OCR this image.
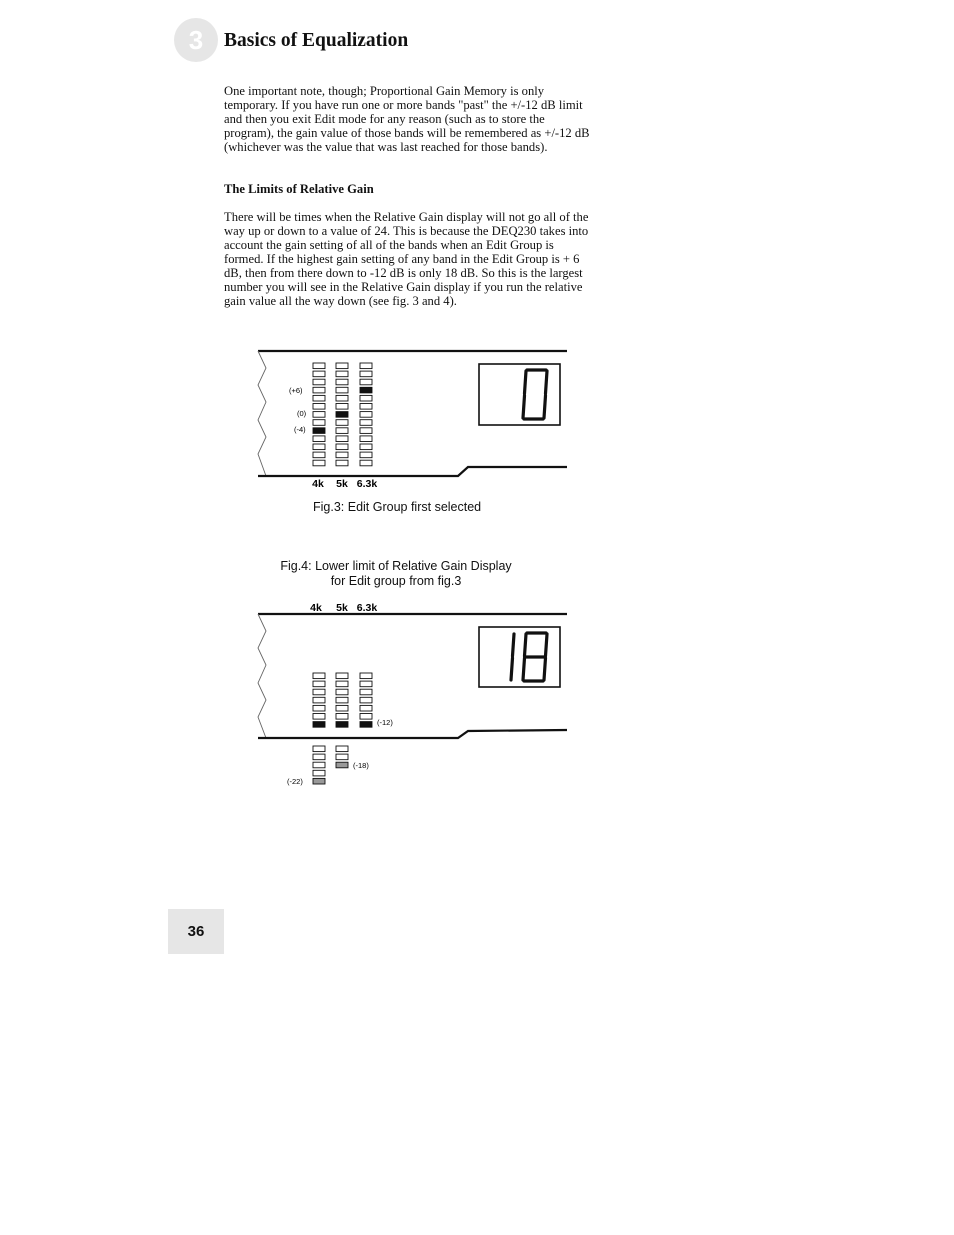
3	Basics of Equalization

One important note, though; Proportional Gain Memory is only temporary. If you have run one or more bands "past" the +/-12 dB limit and then you exit Edit mode for any reason (such as to store the program), the gain value of those bands will be remembered as +/-12 dB (whichever was the value that was last reached for those bands).

The Limits of Relative Gain

There will be times when the Relative Gain display will not go all of the way up or down to a value of 24. This is because the DEQ230 takes into account the gain setting of all of the bands when an Edit Group is formed. If the highest gain setting of any band in the Edit Group is + 6 dB, then from there down to -12 dB is only 18 dB. So this is the largest number you will see in the Relative Gain display if you run the relative gain value all the way down (see fig. 3 and 4).

(+6)
(0)
(-4)
4k 5k 6.3k
4k 5k 6.3k
(-12)
(-18)
(-22)
Fig.3: Edit Group first selected
Fig.4: Lower limit of Relative Gain Display
for Edit group from fig.3
36
